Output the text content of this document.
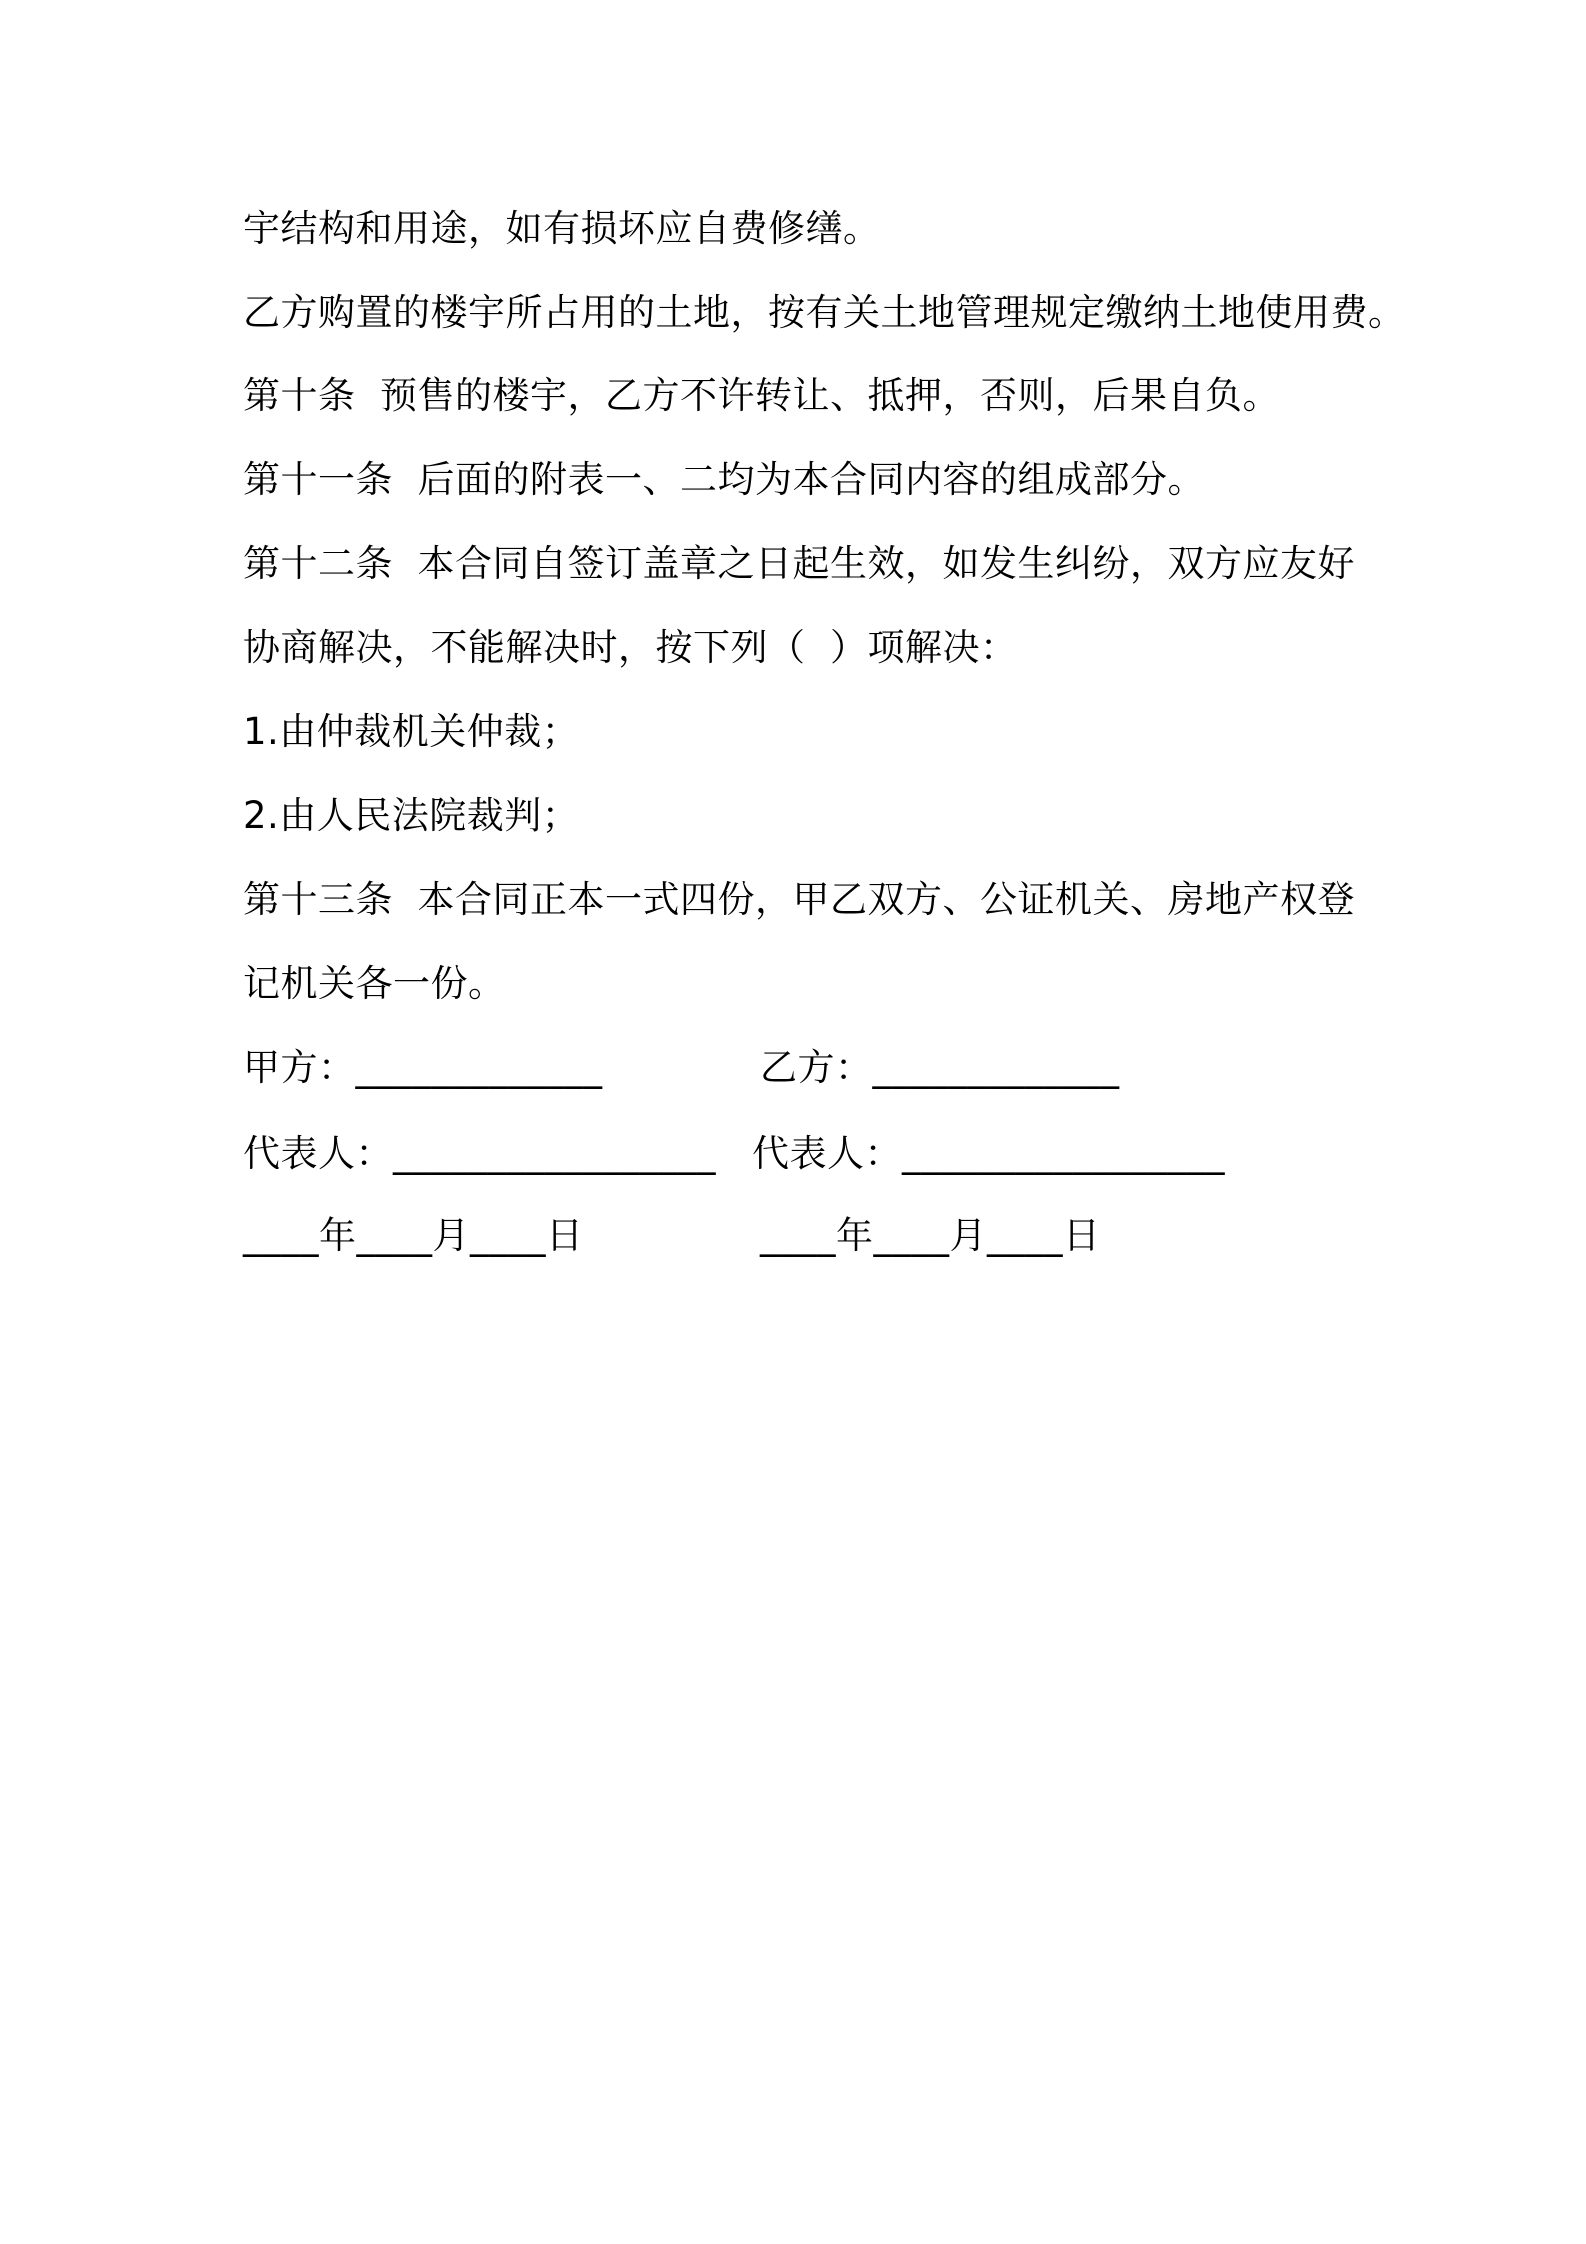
宇结构和用途，如有损坏应自费修缮。
乙方购置的楼宇所占用的土地，按有关土地管理规定缴纳土地使用费。
第十条  预售的楼宇，乙方不许转让、抵押，否则，后果自负。
第十一条  后面的附表一、二均为本合同内容的组成部分。
第十二条  本合同自签订盖章之日起生效，如发生纠纷，双方应友好
协商解决，不能解决时，按下列（  ）项解决：
1.由仲裁机关仲裁；
2.由人民法院裁判；
第十三条  本合同正本一式四份，甲乙双方、公证机关、房地产权登
记机关各一份。
甲方：_____________	乙方：_____________
代表人：_________________ 代表人：_________________
____年____月____日	____年____月____日
